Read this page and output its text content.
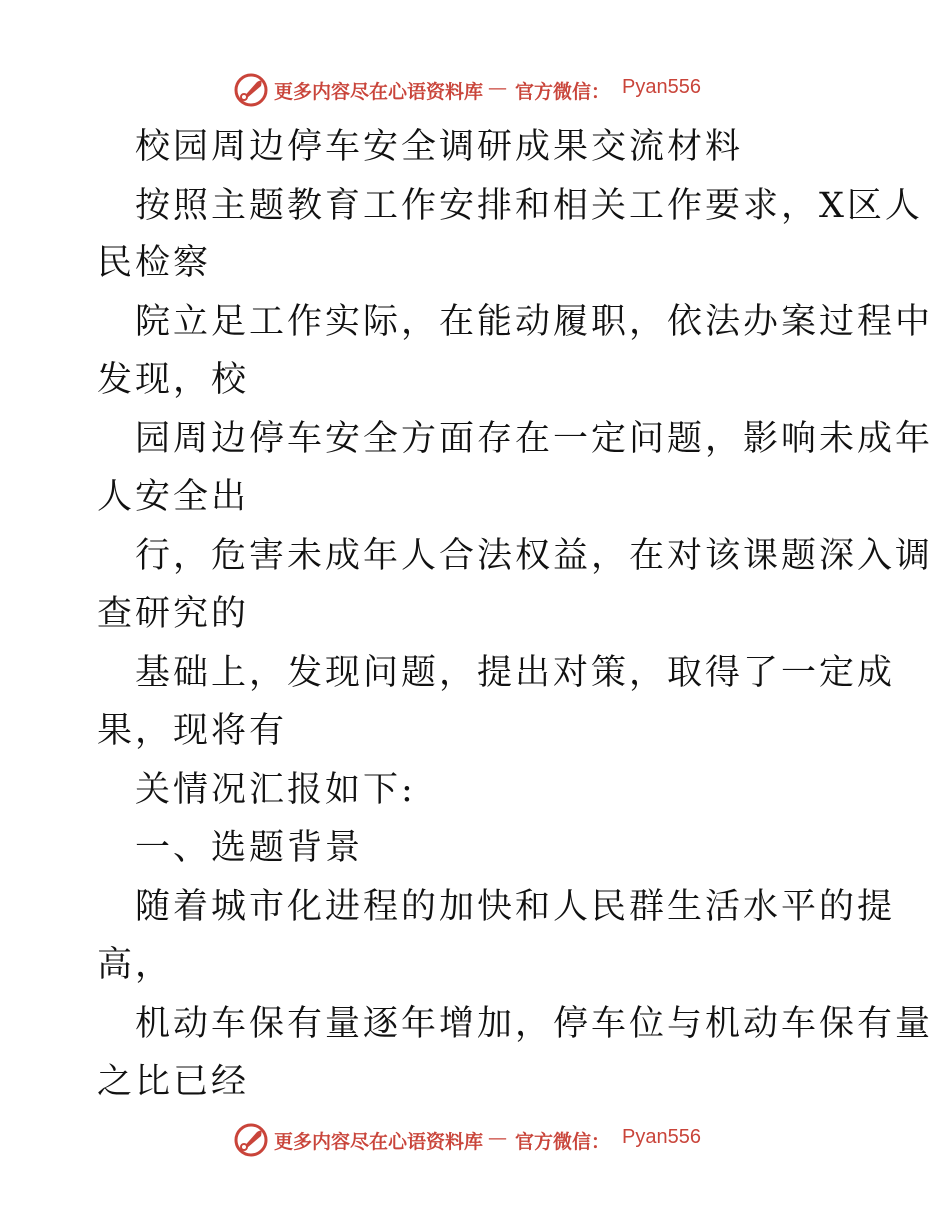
更多内容尽在心语资料库 — 官方微信： Pyan556
校园周边停车安全调研成果交流材料
按照主题教育工作安排和相关工作要求，X区人
民检察
院立足工作实际，在能动履职，依法办案过程中
发现，校
园周边停车安全方面存在一定问题，影响未成年
人安全出
行，危害未成年人合法权益，在对该课题深入调
查研究的
基础上，发现问题，提出对策，取得了一定成
果，现将有
关情况汇报如下:
一、选题背景
随着城市化进程的加快和人民群生活水平的提
高，
机动车保有量逐年增加，停车位与机动车保有量
之比已经
更多内容尽在心语资料库 — 官方微信： Pyan556
